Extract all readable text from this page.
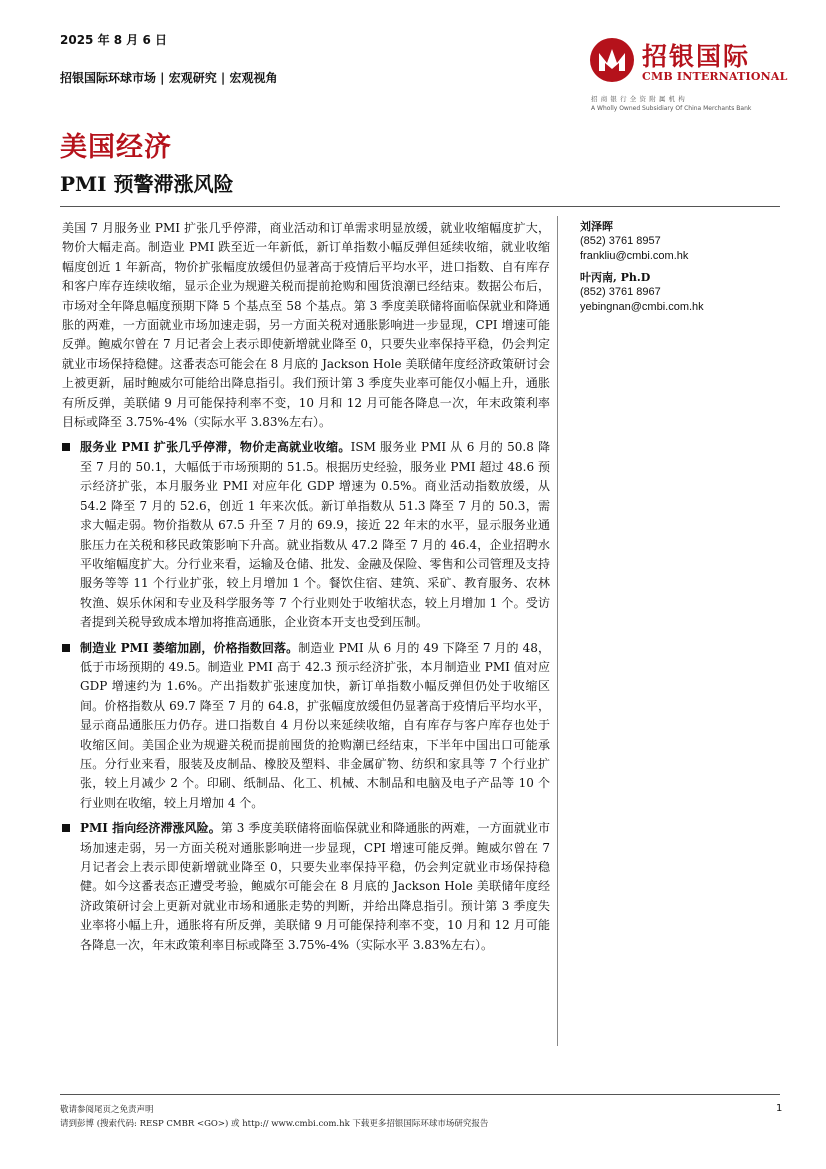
2025 年 8 月 6 日
招银国际环球市场 | 宏观研究 | 宏观视角
招银国际
CMB INTERNATIONAL
招商银行全资附属机构
A Wholly Owned Subsidiary Of China Merchants Bank
美国经济
PMI 预警滞涨风险

美国 7 月服务业 PMI 扩张几乎停滞，商业活动和订单需求明显放缓，就业收缩幅度扩大，物价大幅走高。制造业 PMI 跌至近一年新低，新订单指数小幅反弹但延续收缩，就业收缩幅度创近 1 年新高，物价扩张幅度放缓但仍显著高于疫情后平均水平，进口指数、自有库存和客户库存连续收缩，显示企业为规避关税而提前抢购和囤货浪潮已经结束。数据公布后，市场对全年降息幅度预期下降 5 个基点至 58 个基点。第 3 季度美联储将面临保就业和降通胀的两难，一方面就业市场加速走弱，另一方面关税对通胀影响进一步显现，CPI 增速可能反弹。鲍威尔曾在 7 月记者会上表示即使新增就业降至 0，只要失业率保持平稳，仍会判定就业市场保持稳健。这番表态可能会在 8 月底的 Jackson Hole 美联储年度经济政策研讨会上被更新，届时鲍威尔可能给出降息指引。我们预计第 3 季度失业率可能仅小幅上升，通胀有所反弹，美联储 9 月可能保持利率不变，10 月和 12 月可能各降息一次，年末政策利率目标或降至 3.75%-4%（实际水平 3.83%左右）。

服务业 PMI 扩张几乎停滞，物价走高就业收缩。ISM 服务业 PMI 从 6 月的 50.8 降至 7 月的 50.1，大幅低于市场预期的 51.5。根据历史经验，服务业 PMI 超过 48.6 预示经济扩张，本月服务业 PMI 对应年化 GDP 增速为 0.5%。商业活动指数放缓，从 54.2 降至 7 月的 52.6，创近 1 年来次低。新订单指数从 51.3 降至 7 月的 50.3，需求大幅走弱。物价指数从 67.5 升至 7 月的 69.9，接近 22 年末的水平，显示服务业通胀压力在关税和移民政策影响下升高。就业指数从 47.2 降至 7 月的 46.4，企业招聘水平收缩幅度扩大。分行业来看，运输及仓储、批发、金融及保险、零售和公司管理及支持服务等等 11 个行业扩张，较上月增加 1 个。餐饮住宿、建筑、采矿、教育服务、农林牧渔、娱乐休闲和专业及科学服务等 7 个行业则处于收缩状态，较上月增加 1 个。受访者提到关税导致成本增加将推高通胀，企业资本开支也受到压制。
制造业 PMI 萎缩加剧，价格指数回落。制造业 PMI 从 6 月的 49 下降至 7 月的 48，低于市场预期的 49.5。制造业 PMI 高于 42.3 预示经济扩张，本月制造业 PMI 值对应 GDP 增速约为 1.6%。产出指数扩张速度加快，新订单指数小幅反弹但仍处于收缩区间。价格指数从 69.7 降至 7 月的 64.8，扩张幅度放缓但仍显著高于疫情后平均水平，显示商品通胀压力仍存。进口指数自 4 月份以来延续收缩，自有库存与客户库存也处于收缩区间。美国企业为规避关税而提前囤货的抢购潮已经结束，下半年中国出口可能承压。分行业来看，服装及皮制品、橡胶及塑料、非金属矿物、纺织和家具等 7 个行业扩张，较上月减少 2 个。印刷、纸制品、化工、机械、木制品和电脑及电子产品等 10 个行业则在收缩，较上月增加 4 个。
PMI 指向经济滞涨风险。第 3 季度美联储将面临保就业和降通胀的两难，一方面就业市场加速走弱，另一方面关税对通胀影响进一步显现，CPI 增速可能反弹。鲍威尔曾在 7 月记者会上表示即使新增就业降至 0，只要失业率保持平稳，仍会判定就业市场保持稳健。如今这番表态正遭受考验，鲍威尔可能会在 8 月底的 Jackson Hole 美联储年度经济政策研讨会上更新对就业市场和通胀走势的判断，并给出降息指引。预计第 3 季度失业率将小幅上升，通胀将有所反弹，美联储 9 月可能保持利率不变，10 月和 12 月可能各降息一次，年末政策利率目标或降至 3.75%-4%（实际水平 3.83%左右）。
刘泽晖
(852) 3761 8957
frankliu@cmbi.com.hk
叶丙南, Ph.D
(852) 3761 8967
yebingnan@cmbi.com.hk
敬请参阅尾页之免责声明
请到彭博 (搜索代码: RESP CMBR <GO>) 或 http:// www.cmbi.com.hk 下载更多招银国际环球市场研究报告
1
